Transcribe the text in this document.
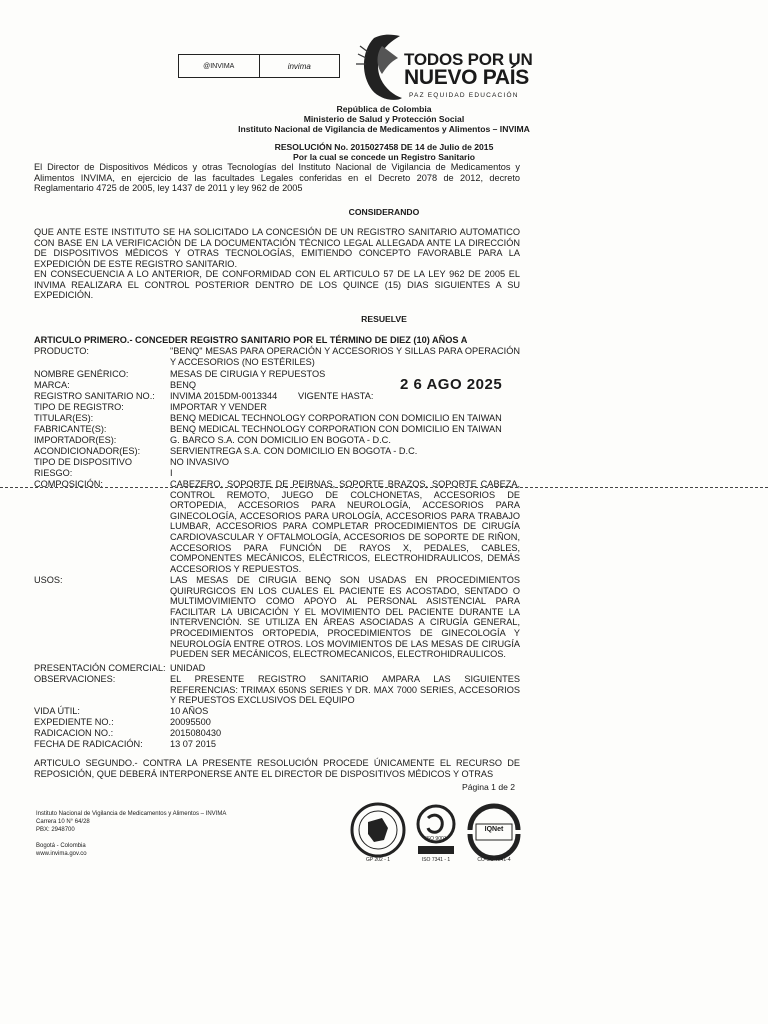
@INVIMA	invima	TODOS POR UN
NUEVO PAÍS
PAZ EQUIDAD EDUCACIÓN
República de Colombia
Ministerio de Salud y Protección Social
Instituto Nacional de Vigilancia de Medicamentos y Alimentos – INVIMA
RESOLUCIÓN No. 2015027458 DE 14 de Julio de 2015
Por la cual se concede un Registro Sanitario
El Director de Dispositivos Médicos y otras Tecnologías del Instituto Nacional de Vigilancia de Medicamentos y Alimentos INVIMA, en ejercicio de las facultades Legales conferidas en el Decreto 2078 de 2012, decreto Reglamentario 4725 de 2005, ley 1437 de 2011 y ley 962 de 2005
CONSIDERANDO
QUE ANTE ESTE INSTITUTO SE HA SOLICITADO LA CONCESIÓN DE UN REGISTRO SANITARIO AUTOMATICO CON BASE EN LA VERIFICACIÓN DE LA DOCUMENTACIÓN TÉCNICO LEGAL ALLEGADA ANTE LA DIRECCIÓN DE DISPOSITIVOS MÉDICOS Y OTRAS TECNOLOGÍAS, EMITIENDO CONCEPTO FAVORABLE PARA LA EXPEDICIÓN DE ESTE REGISTRO SANITARIO.
EN CONSECUENCIA A LO ANTERIOR, DE CONFORMIDAD CON EL ARTICULO 57 DE LA LEY 962 DE 2005 EL INVIMA REALIZARA EL CONTROL POSTERIOR DENTRO DE LOS QUINCE (15) DIAS SIGUIENTES A SU EXPEDICIÓN.
RESUELVE
ARTICULO PRIMERO.- CONCEDER REGISTRO SANITARIO POR EL TÉRMINO DE DIEZ (10) AÑOS A
PRODUCTO:	"BENQ" MESAS PARA OPERACIÓN Y ACCESORIOS Y SILLAS PARA OPERACIÓN Y ACCESORIOS (NO ESTÉRILES)
NOMBRE GENÉRICO:	MESAS DE CIRUGIA Y REPUESTOS
MARCA:	BENQ
REGISTRO SANITARIO NO.: INVIMA 2015DM-0013344 VIGENTE HASTA:
2 6 AGO 2025
TIPO DE REGISTRO:	IMPORTAR Y VENDER
TITULAR(ES):	BENQ MEDICAL TECHNOLOGY CORPORATION CON DOMICILIO EN TAIWAN
FABRICANTE(S):	BENQ MEDICAL TECHNOLOGY CORPORATION CON DOMICILIO EN TAIWAN
IMPORTADOR(ES):	G. BARCO S.A. CON DOMICILIO EN BOGOTA - D.C.
ACONDICIONADOR(ES):	SERVIENTREGA S.A. CON DOMICILIO EN BOGOTA - D.C.
TIPO DE DISPOSITIVO	NO INVASIVO
RIESGO:	I
COMPOSICIÓN:	CABEZERO, SOPORTE DE PEIRNAS, SOPORTE BRAZOS, SOPORTE CABEZA, CONTROL REMOTO, JUEGO DE COLCHONETAS, ACCESORIOS DE ORTOPEDIA, ACCESORIOS PARA NEUROLOGÍA, ACCESORIOS PARA GINECOLOGÍA, ACCESORIOS PARA UROLOGÍA, ACCESORIOS PARA TRABAJO LUMBAR, ACCESORIOS PARA COMPLETAR PROCEDIMIENTOS DE CIRUGÍA CARDIOVASCULAR Y OFTALMOLOGÍA, ACCESORIOS DE SOPORTE DE RIÑON, ACCESORIOS PARA FUNCIÓN DE RAYOS X, PEDALES, CABLES, COMPONENTES MECÁNICOS, ELÉCTRICOS, ELECTROHIDRAULICOS, DEMÁS ACCESORIOS Y REPUESTOS.
USOS:	LAS MESAS DE CIRUGIA BENQ SON USADAS EN PROCEDIMIENTOS QUIRURGICOS EN LOS CUALES EL PACIENTE ES ACOSTADO, SENTADO O MULTIMOVIMIENTO COMO APOYO AL PERSONAL ASISTENCIAL PARA FACILITAR LA UBICACIÓN Y EL MOVIMIENTO DEL PACIENTE DURANTE LA INTERVENCIÓN. SE UTILIZA EN ÁREAS ASOCIADAS A CIRUGÍA GENERAL, PROCEDIMIENTOS ORTOPEDIA, PROCEDIMIENTOS DE GINECOLOGÍA Y NEUROLOGÍA ENTRE OTROS. LOS MOVIMIENTOS DE LAS MESAS DE CIRUGÍA PUEDEN SER MECÁNICOS, ELECTROMECANICOS, ELECTROHIDRAULICOS.
PRESENTACIÓN COMERCIAL: UNIDAD
OBSERVACIONES:	EL PRESENTE REGISTRO SANITARIO AMPARA LAS SIGUIENTES REFERENCIAS: TRIMAX 650NS SERIES Y DR. MAX 7000 SERIES, ACCESORIOS Y REPUESTOS EXCLUSIVOS DEL EQUIPO
VIDA ÚTIL:	10 AÑOS
EXPEDIENTE NO.:	20095500
RADICACION NO.:	2015080430
FECHA DE RADICACIÓN:	13 07 2015
ARTICULO SEGUNDO.- CONTRA LA PRESENTE RESOLUCIÓN PROCEDE ÚNICAMENTE EL RECURSO DE REPOSICIÓN, QUE DEBERÁ INTERPONERSE ANTE EL DIRECTOR DE DISPOSITIVOS MÉDICOS Y OTRAS
Página 1 de 2
Instituto Nacional de Vigilancia de Medicamentos y Alimentos – INVIMA
Carrera 10 N° 64/28
PBX: 2948700
Bogotá - Colombia
www.invima.gov.co
GP 202 - 1
ISO 9001
ISO 7341 - 1
IQNet
CO-SC-7341-4
